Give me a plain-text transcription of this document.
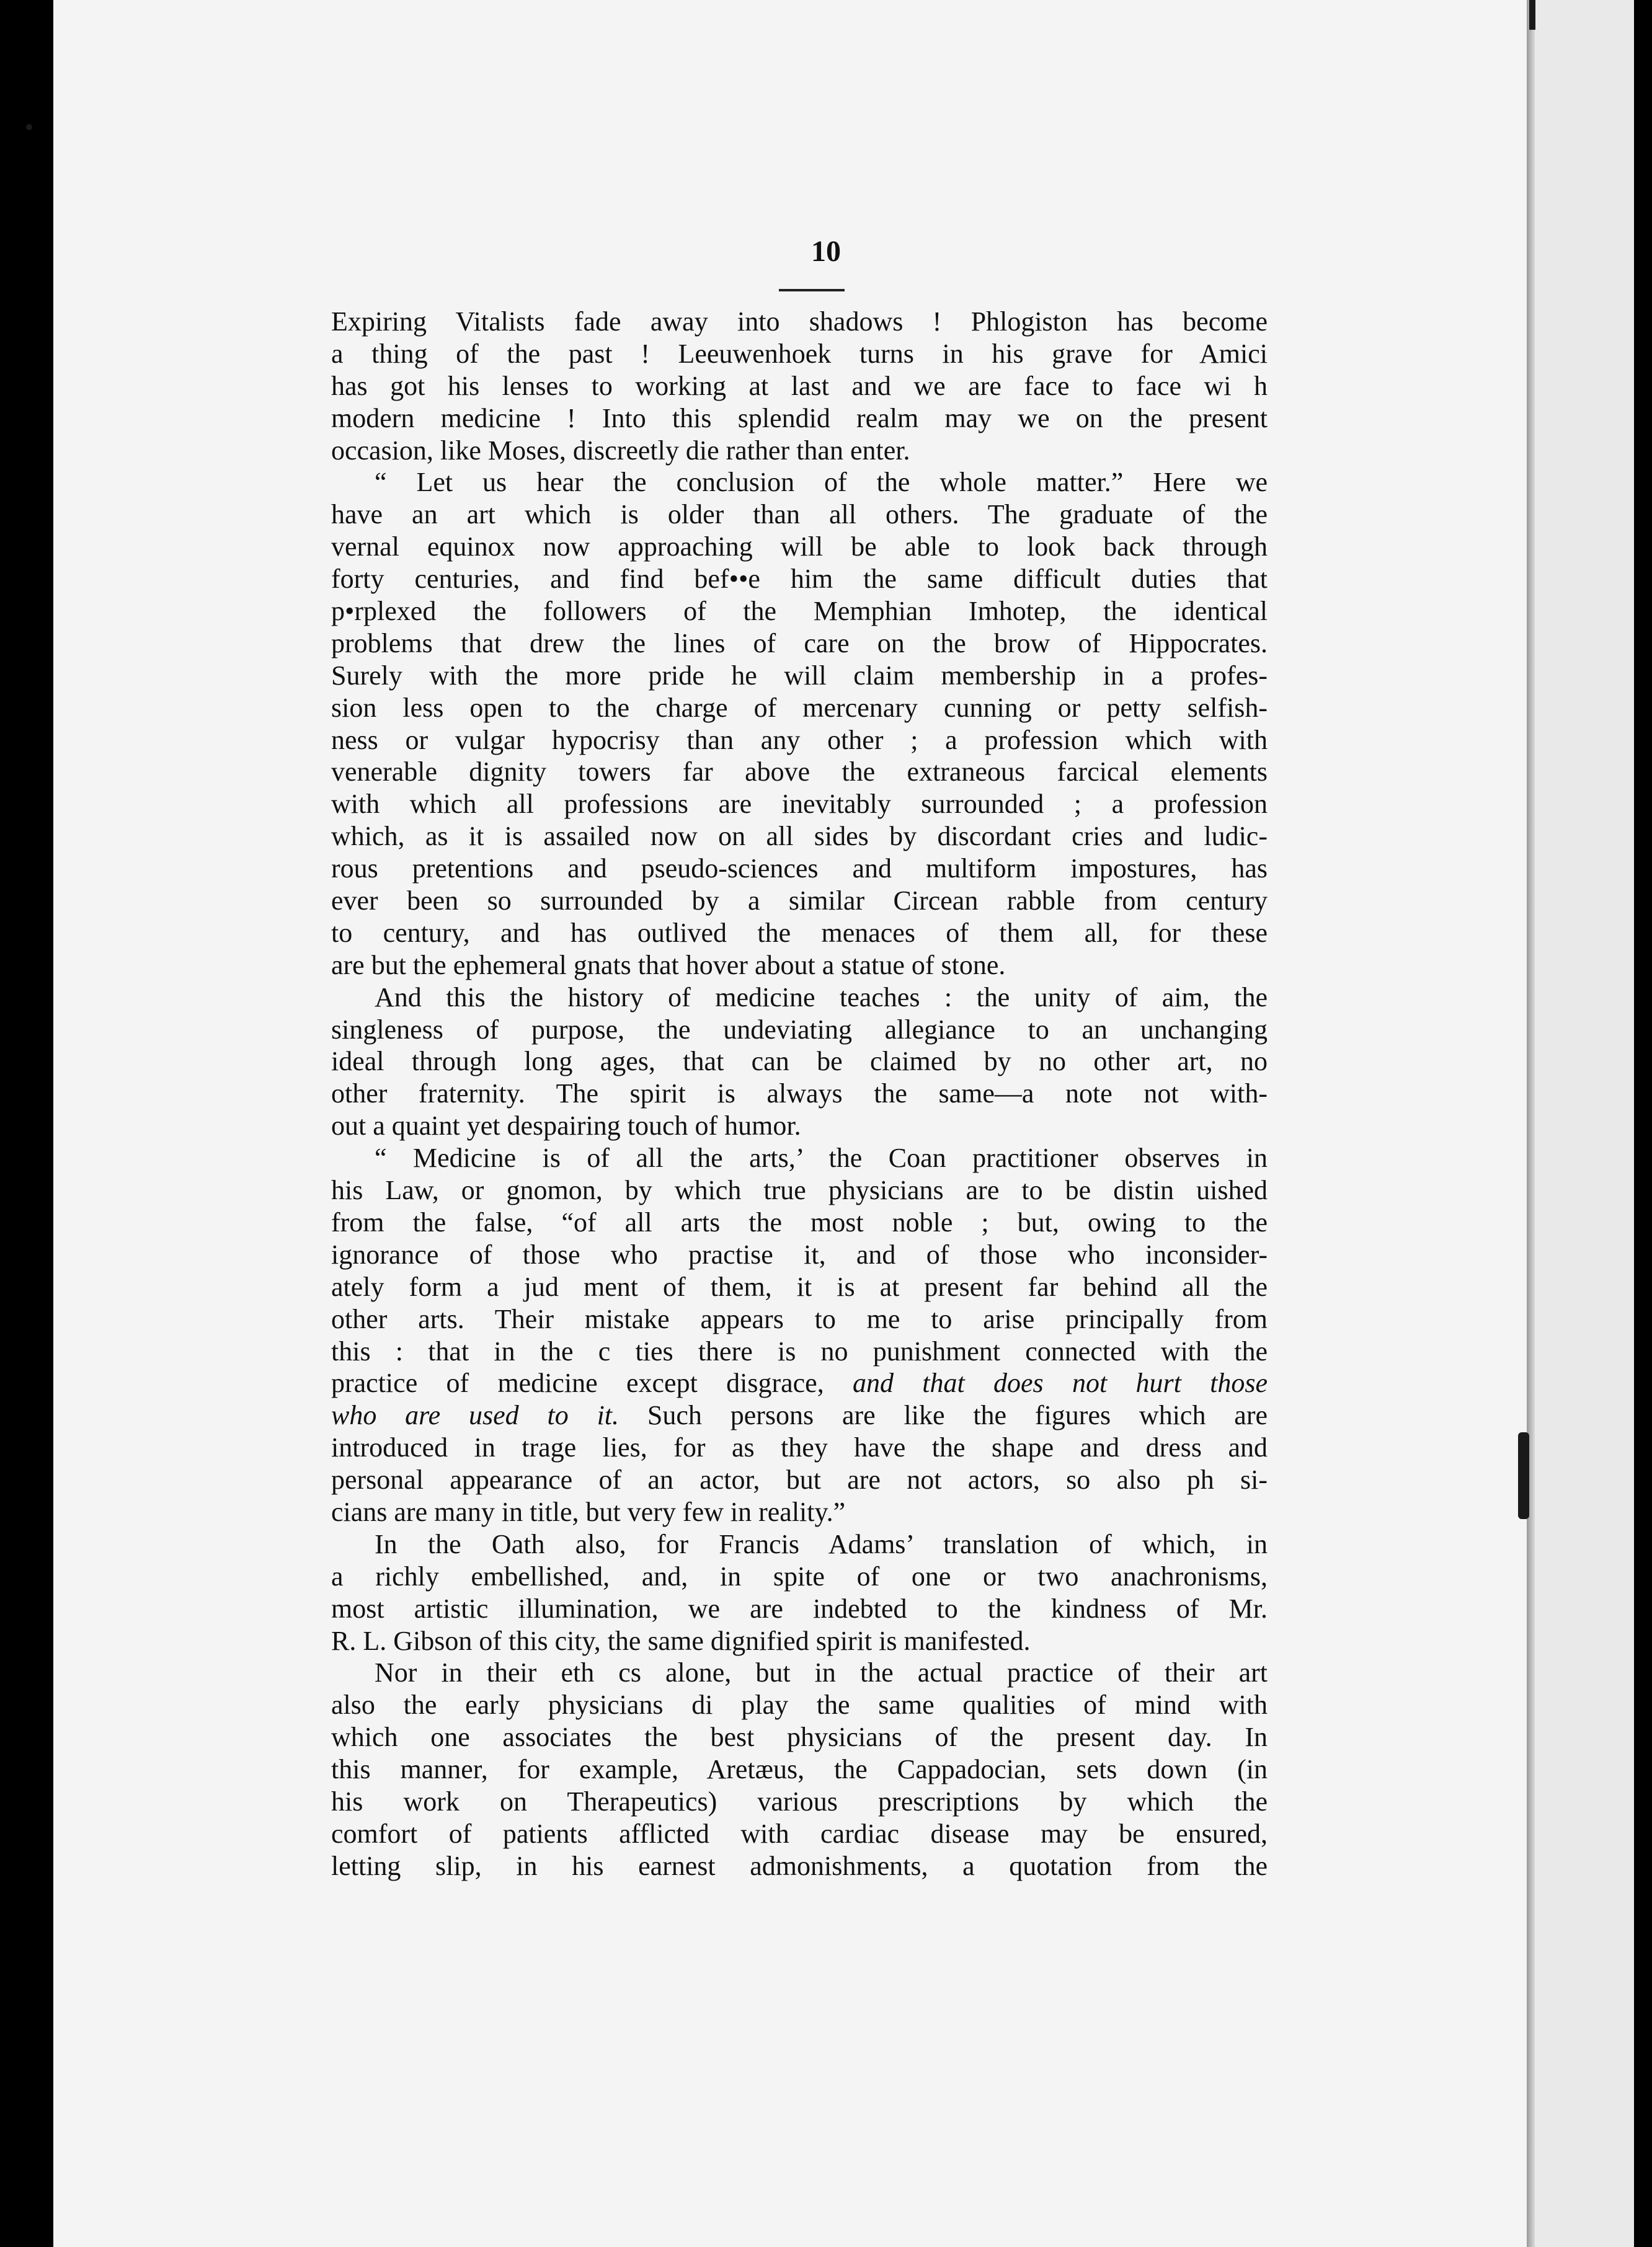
10
Expiring Vitalists fade away into shadows ! Phlogiston has become
a thing of the past ! Leeuwenhoek turns in his grave for Amici
has got his lenses to working at last and we are face to face wi h
modern medicine ! Into this splendid realm may we on the present
occasion, like Moses, discreetly die rather than enter.
“ Let us hear the conclusion of the whole matter.” Here we
have an art which is older than all others. The graduate of the
vernal equinox now approaching will be able to look back through
forty centuries, and find bef••e him the same difficult duties that
p•rplexed the followers of the Memphian Imhotep, the identical
problems that drew the lines of care on the brow of Hippocrates.
Surely with the more pride he will claim membership in a profes-
sion less open to the charge of mercenary cunning or petty selfish-
ness or vulgar hypocrisy than any other ; a profession which with
venerable dignity towers far above the extraneous farcical elements
with which all professions are inevitably surrounded ; a profession
which, as it is assailed now on all sides by discordant cries and ludic-
rous pretentions and pseudo-sciences and multiform impostures, has
ever been so surrounded by a similar Circean rabble from century
to century, and has outlived the menaces of them all, for these
are but the ephemeral gnats that hover about a statue of stone.
And this the history of medicine teaches : the unity of aim, the
singleness of purpose, the undeviating allegiance to an unchanging
ideal through long ages, that can be claimed by no other art, no
other fraternity. The spirit is always the same—a note not with-
out a quaint yet despairing touch of humor.
“ Medicine is of all the arts,’ the Coan practitioner observes in
his Law, or gnomon, by which true physicians are to be distin uished
from the false, “of all arts the most noble ; but, owing to the
ignorance of those who practise it, and of those who inconsider-
ately form a jud ment of them, it is at present far behind all the
other arts. Their mistake appears to me to arise principally from
this : that in the c ties there is no punishment connected with the
practice of medicine except disgrace, and that does not hurt those
who are used to it. Such persons are like the figures which are
introduced in trage lies, for as they have the shape and dress and
personal appearance of an actor, but are not actors, so also ph si-
cians are many in title, but very few in reality.”
In the Oath also, for Francis Adams’ translation of which, in
a richly embellished, and, in spite of one or two anachronisms,
most artistic illumination, we are indebted to the kindness of Mr.
R. L. Gibson of this city, the same dignified spirit is manifested.
Nor in their eth cs alone, but in the actual practice of their art
also the early physicians di play the same qualities of mind with
which one associates the best physicians of the present day. In
this manner, for example, Aretæus, the Cappadocian, sets down (in
his work on Therapeutics) various prescriptions by which the
comfort of patients afflicted with cardiac disease may be ensured,
letting slip, in his earnest admonishments, a quotation from the
